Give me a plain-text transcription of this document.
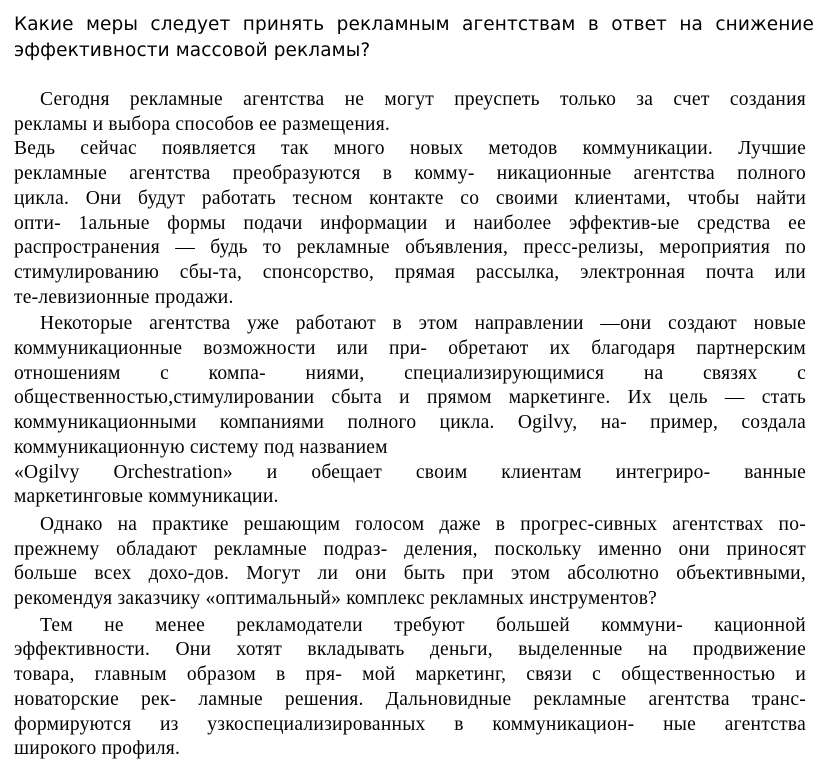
Какие меры следует принять рекламным агентствам в ответ на снижение
эффективности массовой рекламы?
Сегодня рекламные агентства не могут преуспеть только за счет создания
рекламы и выбора способов ее размещения.
Ведь сейчас появляется так много новых методов коммуникации. Лучшие
рекламные агентства преобразуются в комму- никационные агентства полного
цикла. Они будут работать тесном контакте со своими клиентами, чтобы найти
опти- 1альные формы подачи информации и наиболее эффектив-ые средства ее
распространения — будь то рекламные объявления, пресс-релизы, мероприятия по
стимулированию сбы-та, спонсорство, прямая рассылка, электронная почта или
те-левизионные продажи.
Некоторые агентства уже работают в этом направлении —они создают новые
коммуникационные возможности или при- обретают их благодаря партнерским
отношениям с компа- ниями, специализирующимися на связях с
общественностью,стимулировании сбыта и прямом маркетинге. Их цель — стать
коммуникационными компаниями полного цикла. Ogilvy, на- пример, создала
коммуникационную систему под названием
«Ogilvy Orchestration» и обещает своим клиентам интегриро- ванные
маркетинговые коммуникации.
Однако на практике решающим голосом даже в прогрес-сивных агентствах по-
прежнему обладают рекламные подраз- деления, поскольку именно они приносят
больше всех дохо-дов. Могут ли они быть при этом абсолютно объективными,
рекомендуя заказчику «оптимальный» комплекс рекламных инструментов?
Тем не менее рекламодатели требуют большей коммуни- кационной
эффективности. Они хотят вкладывать деньги, выделенные на продвижение
товара, главным образом в пря- мой маркетинг, связи с общественностью и
новаторские рек- ламные решения. Дальновидные рекламные агентства транс-
формируются из узкоспециализированных в коммуникацион- ные агентства
широкого профиля.
